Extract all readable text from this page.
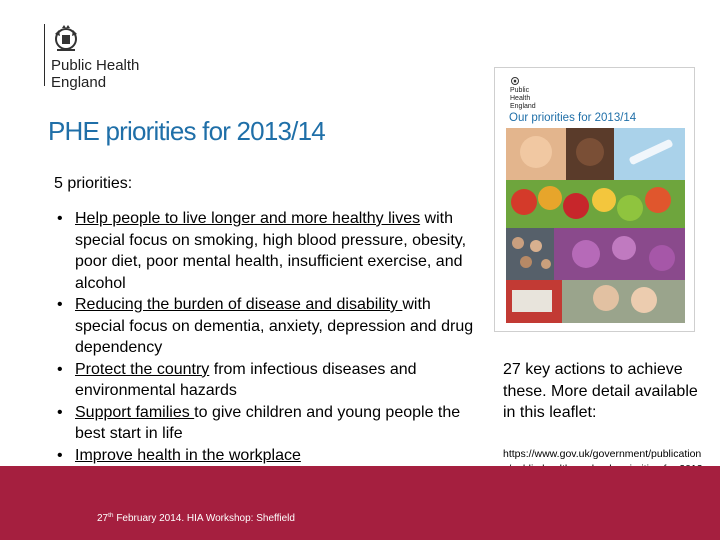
Public Health
England
PHE priorities for 2013/14
5 priorities:
• Help people to live longer and more healthy lives with special focus on smoking, high blood pressure, obesity, poor diet, poor mental health, insufficient exercise, and alcohol
• Reducing the burden of disease and disability with special focus on dementia, anxiety, depression and drug dependency
• Protect the country from infectious diseases and environmental hazards
• Support families to give children and young people the best start in life
• Improve health in the workplace
Public
Health
England
Our priorities for 2013/14
27 key actions to achieve these. More detail available in this leaflet:
https://www.gov.uk/government/publication
27th February 2014. HIA Workshop: Sheffield
